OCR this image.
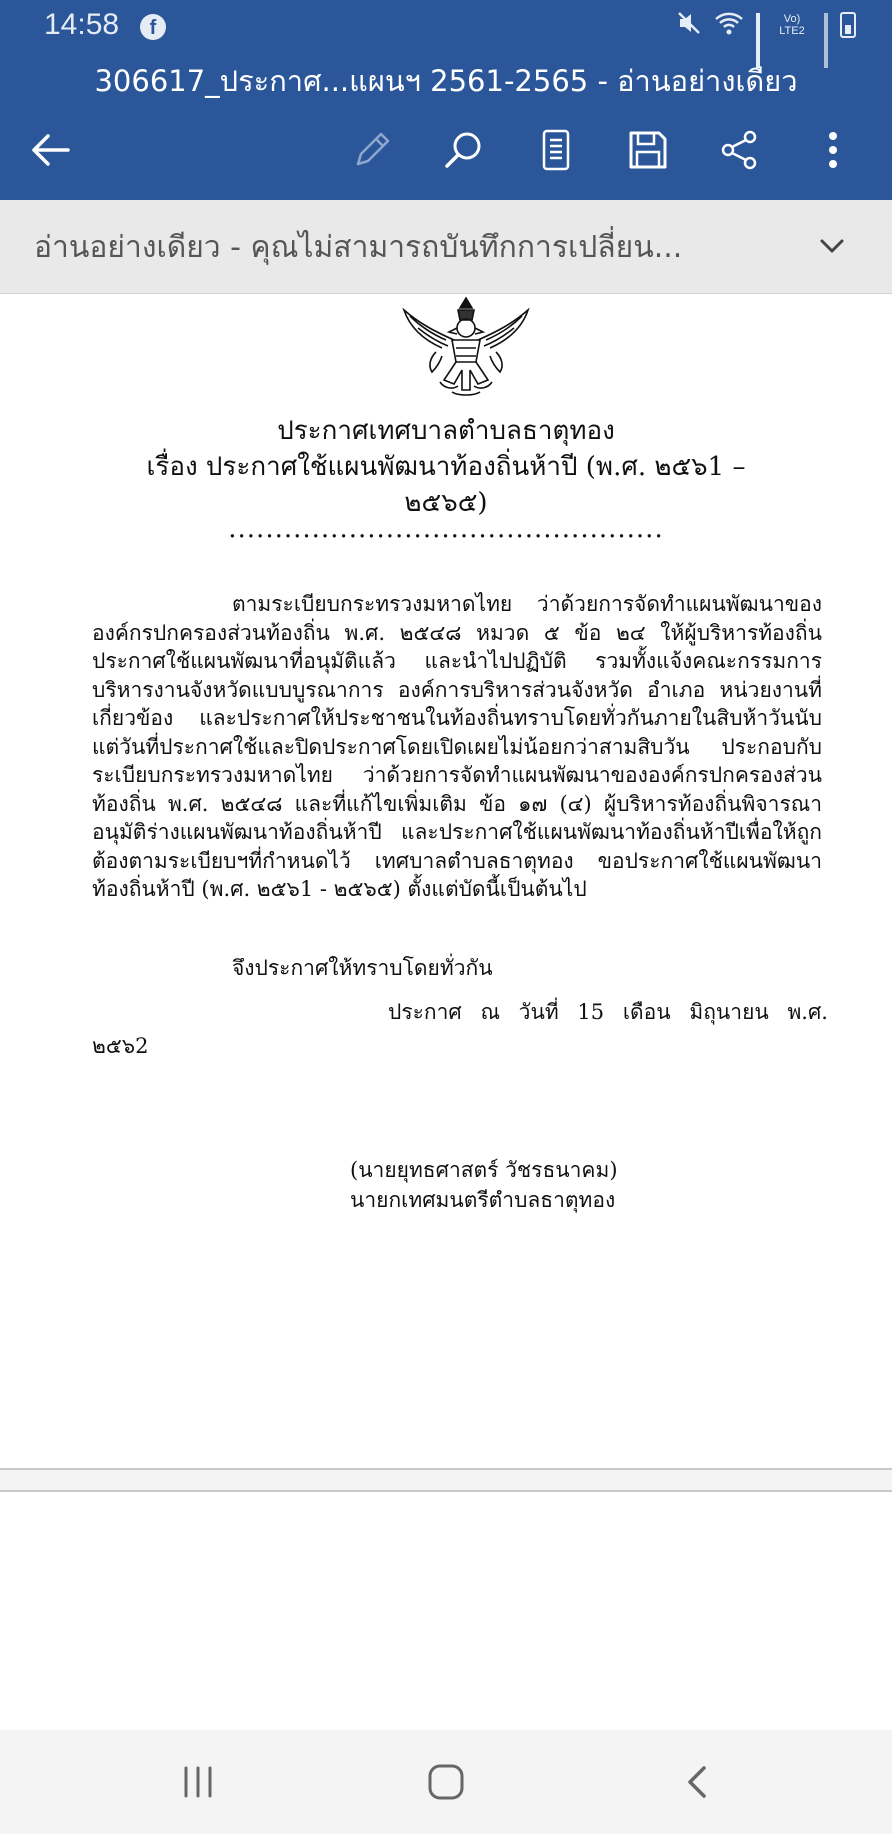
14:58	f	Vo) LTE2
306617_ประกาศ...แผนฯ 2561-2565 - อ่านอย่างเดียว
อ่านอย่างเดียว - คุณไม่สามารถบันทึกการเปลี่ยน...
ประกาศเทศบาลตำบลธาตุทอง
เรื่อง ประกาศใช้แผนพัฒนาท้องถิ่นห้าปี (พ.ศ. ๒๕๖1 –
๒๕๖๕)
...............................................
ตามระเบียบกระทรวงมหาดไทย ว่าด้วยการจัดทำแผนพัฒนาขององค์กรปกครองส่วนท้องถิ่น พ.ศ. ๒๕๔๘ หมวด ๕ ข้อ ๒๔ ให้ผู้บริหารท้องถิ่นประกาศใช้แผนพัฒนาที่อนุมัติแล้ว และนำไปปฏิบัติ รวมทั้งแจ้งคณะกรรมการบริหารงานจังหวัดแบบบูรณาการ องค์การบริหารส่วนจังหวัด อำเภอ หน่วยงานที่เกี่ยวข้อง และประกาศให้ประชาชนในท้องถิ่นทราบโดยทั่วกันภายในสิบห้าวันนับแต่วันที่ประกาศใช้และปิดประกาศโดยเปิดเผยไม่น้อยกว่าสามสิบวัน ประกอบกับระเบียบกระทรวงมหาดไทย ว่าด้วยการจัดทำแผนพัฒนาขององค์กรปกครองส่วนท้องถิ่น พ.ศ. ๒๕๔๘ และที่แก้ไขเพิ่มเติม ข้อ ๑๗ (๔) ผู้บริหารท้องถิ่นพิจารณาอนุมัติร่างแผนพัฒนาท้องถิ่นห้าปี และประกาศใช้แผนพัฒนาท้องถิ่นห้าปีเพื่อให้ถูกต้องตามระเบียบฯที่กำหนดไว้ เทศบาลตำบลธาตุทอง ขอประกาศใช้แผนพัฒนาท้องถิ่นห้าปี (พ.ศ. ๒๕๖1 - ๒๕๖๕) ตั้งแต่บัดนี้เป็นต้นไป
จึงประกาศให้ทราบโดยทั่วกัน
ประกาศ ณ วันที่ 15 เดือน มิถุนายน พ.ศ.
๒๕๖2
(นายยุทธศาสตร์ วัชรธนาคม)
นายกเทศมนตรีตำบลธาตุทอง
